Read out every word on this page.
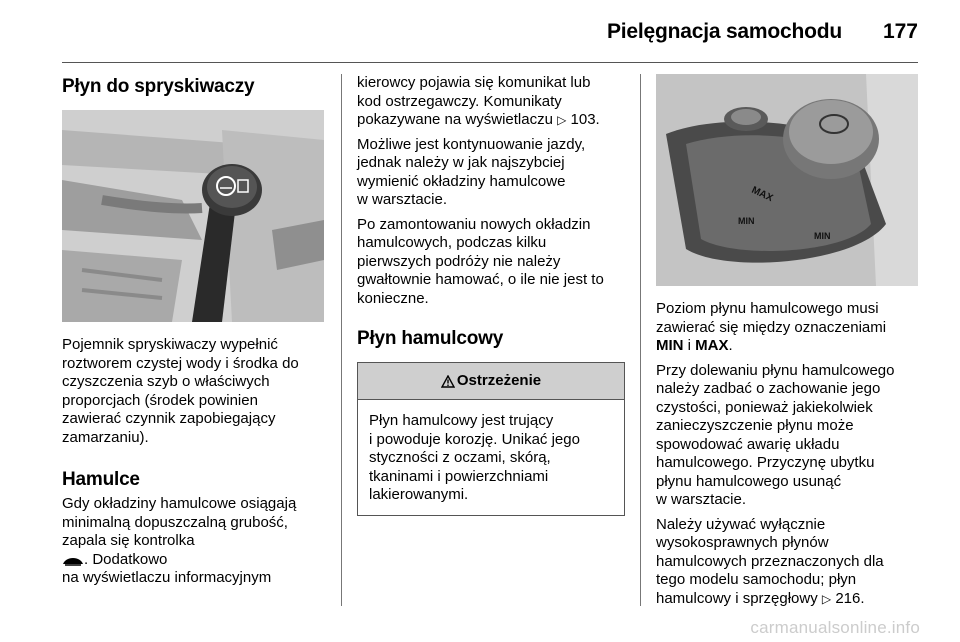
Pielęgnacja samochodu 177
Płyn do spryskiwaczy

Pojemnik spryskiwaczy wypełnić
roztworem czystej wody i środka do
czyszczenia szyb o właściwych
proporcjach (środek powinien
zawierać czynnik zapobiegający
zamarzaniu).

Hamulce

Gdy okładziny hamulcowe osiągają
minimalną dopuszczalną grubość,
zapala się kontrolka
. Dodatkowo
na wyświetlaczu informacyjnym

kierowcy pojawia się komunikat lub
kod ostrzegawczy. Komunikaty
pokazywane na wyświetlaczu ▷ 103.

Możliwe jest kontynuowanie jazdy,
jednak należy w jak najszybciej
wymienić okładziny hamulcowe
w warsztacie.

Po zamontowaniu nowych okładzin
hamulcowych, podczas kilku
pierwszych podróży nie należy
gwałtownie hamować, o ile nie jest to
konieczne.

Płyn hamulcowy
Ostrzeżenie

Płyn hamulcowy jest trujący
i powoduje korozję. Unikać jego
styczności z oczami, skórą,
tkaninami i powierzchniami
lakierowanymi.

MAX
MIN
MIN

Poziom płynu hamulcowego musi
zawierać się między oznaczeniami
MIN i MAX.

Przy dolewaniu płynu hamulcowego
należy zadbać o zachowanie jego
czystości, ponieważ jakiekolwiek
zanieczyszczenie płynu może
spowodować awarię układu
hamulcowego. Przyczynę ubytku
płynu hamulcowego usunąć
w warsztacie.

Należy używać wyłącznie
wysokosprawnych płynów
hamulcowych przeznaczonych dla
tego modelu samochodu; płyn
hamulcowy i sprzęgłowy ▷ 216.

carmanualsonline.info
